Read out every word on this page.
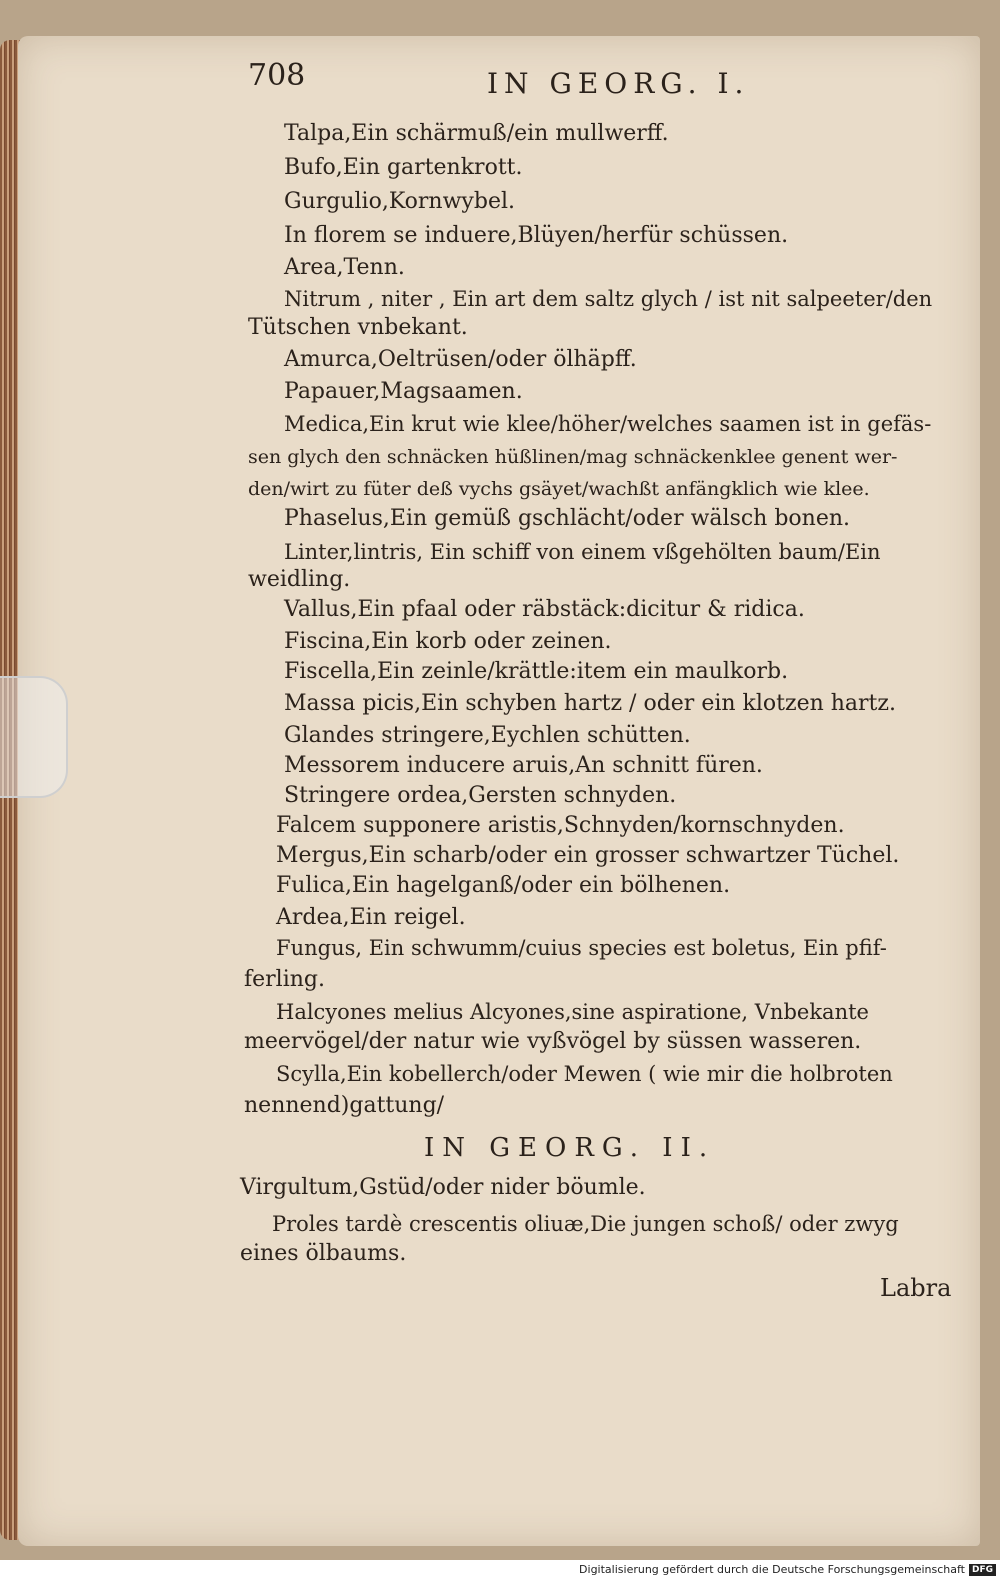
708	IN GEORG. I.
Talpa,Ein schärmuß/ein mullwerff.
Bufo,Ein gartenkrott.
Gurgulio,Kornwybel.
In florem se induere,Blüyen/herfür schüssen.
Area,Tenn.
Nitrum , niter , Ein art dem saltz glych / ist nit salpeeter/den
Tütschen vnbekant.
Amurca,Oeltrüsen/oder ölhäpff.
Papauer,Magsaamen.
Medica,Ein krut wie klee/höher/welches saamen ist in gefäs-
sen glych den schnäcken hüßlinen/mag schnäckenklee genent wer-
den/wirt zu füter deß vychs gsäyet/wachßt anfängklich wie klee.
Phaselus,Ein gemüß gschlächt/oder wälsch bonen.
Linter,lintris, Ein schiff von einem vßgehölten baum/Ein
weidling.
Vallus,Ein pfaal oder räbstäck:dicitur & ridica.
Fiscina,Ein korb oder zeinen.
Fiscella,Ein zeinle/krättle:item ein maulkorb.
Massa picis,Ein schyben hartz / oder ein klotzen hartz.
Glandes stringere,Eychlen schütten.
Messorem inducere aruis,An schnitt füren.
Stringere ordea,Gersten schnyden.
Falcem supponere aristis,Schnyden/kornschnyden.
Mergus,Ein scharb/oder ein grosser schwartzer Tüchel.
Fulica,Ein hagelganß/oder ein bölhenen.
Ardea,Ein reigel.
Fungus, Ein schwumm/cuius species est boletus, Ein pfif-
ferling.
Halcyones melius Alcyones,sine aspiratione, Vnbekante
meervögel/der natur wie vyßvögel by süssen wasseren.
Scylla,Ein kobellerch/oder Mewen ( wie mir die holbroten
nennend)gattung/
IN GEORG. II.
Virgultum,Gstüd/oder nider böumle.
Proles tardè crescentis oliuæ,Die jungen schoß/ oder zwyg
eines ölbaums.
Labra
Digitalisierung gefördert durch die Deutsche Forschungsgemeinschaft DFG
